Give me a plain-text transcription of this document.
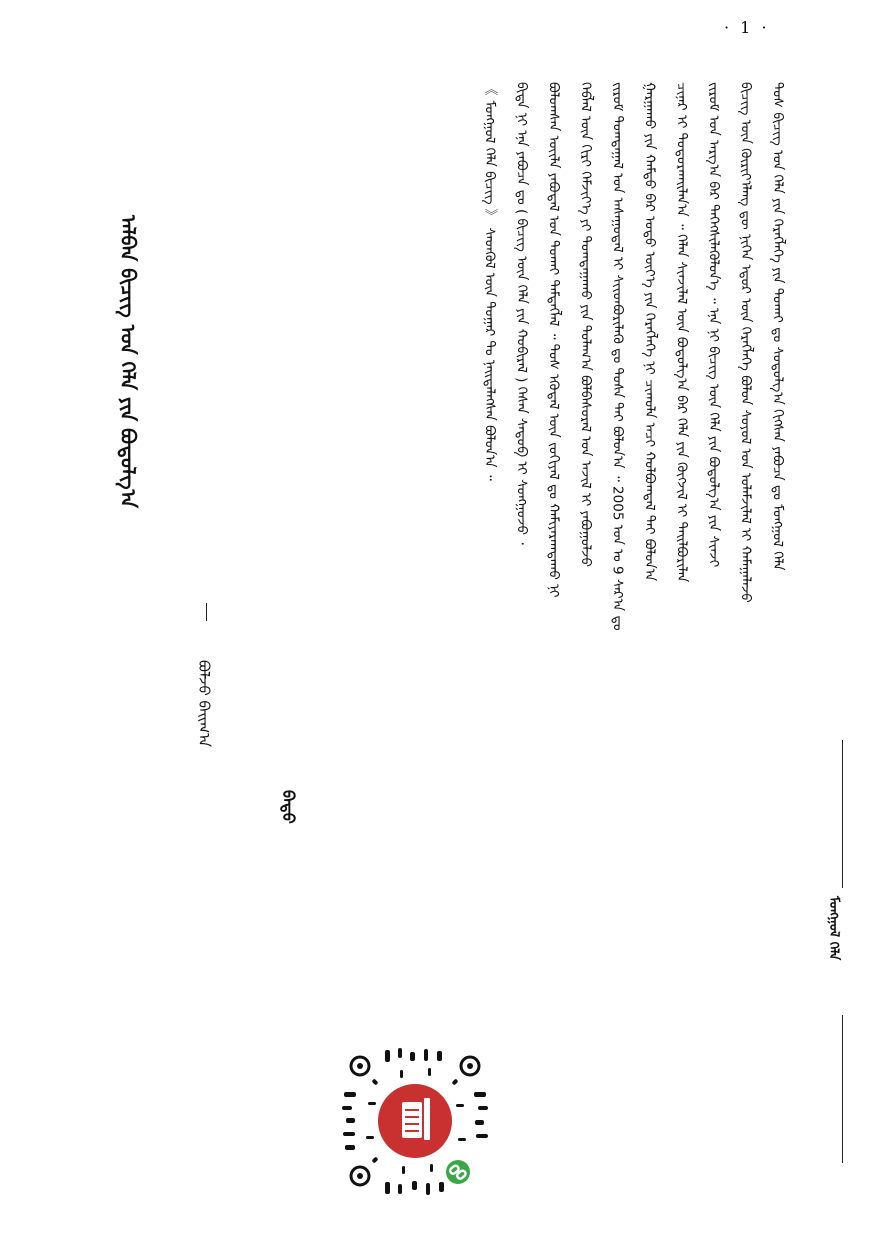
· 1 ·
ᠲᠤᠰ ᠪᠢᠴᠢᠭ ᠤᠨ ᠬᠡᠯᠡ ᠶᠢᠨ ᠬᠡᠷᠡᠭᠯᠡᠭᠡ ᠶᠢᠨ ᠲᠤᠬᠠᠢ ᠳᠤ ᠰᠤᠳᠤᠯᠭ᠎ᠠ ᠬᠢᠭᠰᠡᠨ ᠶᠠᠪᠤᠴᠠ ᠳᠤ ᠮᠣᠩᠭᠣᠯ ᠬᠡᠯᠡ
ᠪᠢᠴᠢᠭ ᠦᠨ ᠬᠦᠷᠢᠶ᠎ᠡᠯᠡᠩ ᠳᠦ ᠨᠢᠭᠡᠨ ᠡᠳᠦᠷ ᠦᠨ ᠬᠡᠷᠡᠭᠯᠡᠭᠡ ᠪᠣᠯᠤᠨ ᠰᠣᠶᠣᠯ ᠤᠨ ᠤᠯᠠᠮᠵᠢᠯᠠᠯ ᠢ ᠬᠠᠮᠠᠭᠠᠯᠠᠵᠤ
ᠵᠢᠷᠤᠮ ᠤᠨ ᠠᠷᠭ᠎ᠠ ᠪᠠᠷ ᠳᠡᠭᠡᠭᠰᠢᠯᠡᠭᠦᠯᠦᠨ᠎ᠡ ᠃ ᠡᠨᠡ ᠨᠢ ᠪᠢᠴᠢᠭ ᠦᠨ ᠬᠡᠯᠡ ᠶᠢᠨ ᠪᠣᠳᠣᠯᠭ᠎ᠠ ᠶᠢᠨ ᠰᠢᠨᠵᠢ
ᠴᠢᠨᠠᠷ ᠢ ᠲᠣᠳᠣᠷᠬᠠᠢᠯᠠᠨ᠎ᠠ ᠃ ᠬᠡᠯᠡᠨ ᠰᠢᠨᠵᠢᠯᠡᠯ ᠦᠨ ᠪᠣᠳᠣᠯᠭ᠎ᠠ ᠪᠠᠷ ᠬᠡᠯᠡ ᠶᠢᠨ ᠬᠦᠭᠵᠢᠯ ᠢ ᠲᠠᠢᠯᠪᠤᠷᠢᠯᠠᠨ
ᠭᠠᠷᠭᠠᠬᠤ ᠶᠢᠨ ᠬᠠᠮᠲᠤ ᠪᠠᠷ ᠣᠳᠣ ᠦᠶ᠎ᠡ ᠶᠢᠨ ᠬᠡᠷᠡᠭᠯᠡᠭᠡ ᠨᠢ ᠴᠢᠬᠤᠯᠠ ᠠᠴᠢ ᠬᠤᠯᠪᠣᠭᠳᠠᠯ ᠲᠠᠢ ᠪᠣᠯᠤᠨ᠎ᠠ
ᠵᠢᠷᠤᠮ ᠲᠣᠭᠲᠠᠭᠠᠯ ᠤᠨ ᠠᠰᠠᠭᠤᠳᠠᠯ ᠢ ᠰᠢᠢᠳᠪᠦᠷᠢᠯᠡᠬᠦ ᠳᠤ ᠲᠤᠰᠠ ᠲᠠᠢ ᠪᠣᠯᠤᠨ᠎ᠠ ᠃ 2005 ᠣᠨ ᠤ 9 ᠰᠠᠷ᠎ᠠ ᠳᠤ
ᠬᠡᠪᠯᠡᠯ ᠦᠨ ᠬᠢᠷᠢ ᠬᠡᠮᠵᠢᠶ᠎ᠡ ᠶᠢ ᠲᠣᠭᠲᠠᠭᠠᠬᠤ ᠶᠢᠨ ᠲᠤᠯᠠᠭ᠎ᠠ ᠪᠣᠯᠪᠠᠰᠤᠷᠠᠯ ᠤᠨ ᠠᠵᠢᠯ ᠢ ᠶᠠᠪᠤᠭᠤᠯᠵᠤ
ᠪᠣᠯᠣᠭᠰᠠᠨ ᠦᠢᠯᠡ ᠶᠠᠪᠤᠳᠠᠯ ᠤᠨ ᠲᠤᠬᠠᠢ ᠲᠡᠮᠳᠡᠭᠯᠡᠯ ᠃ ᠲᠤᠰ ᠡᠭᠦᠳᠡᠯ ᠦᠨ ᠵᠣᠬᠢᠶᠠᠯ ᠳᠤ ᠬᠠᠮᠢᠶᠠᠷᠠᠭᠳᠠᠬᠤ ᠨᠢ
ᠪᠢᠳᠡ ᠨᠢ ᠡᠨᠡ ᠶᠠᠪᠤᠴᠠ ᠳᠤ ( ᠪᠢᠴᠢᠭ ᠦᠨ ᠬᠡᠯᠡ ᠶᠢᠨ ᠬᠤᠪᠢᠷᠠᠯ ) ᠭᠡᠰᠡᠨ ᠰᠡᠳᠦᠪ ᠢ ᠰᠣᠩᠭᠣᠵᠤ ᠂
《 ᠮᠣᠩᠭᠣᠯ ᠬᠡᠯᠡ ᠪᠢᠴᠢᠭ 》 ᠰᠡᠳᠬᠦᠯ ᠦᠨ ᠳᠤᠭᠠᠷ ᠲᠤ ᠨᠡᠢᠲᠡᠯᠡᠭᠰᠡᠨ ᠪᠣᠯᠤᠨ᠎ᠠ ᠃
ᠠᠯᠪᠠᠨ ᠪᠢᠴᠢᠭ ᠤᠨ ᠬᠡᠯᠡ ᠶᠢᠨ ᠪᠣᠳᠣᠯᠭ᠎ᠠ
ᠪᠣᠯᠵᠤ ᠪᠠᠢᠭ᠎ᠠ
ᠪᠠᠲᠤ
ᠮᠣᠩᠭᠣᠯ ᠬᠡᠯᠡ
